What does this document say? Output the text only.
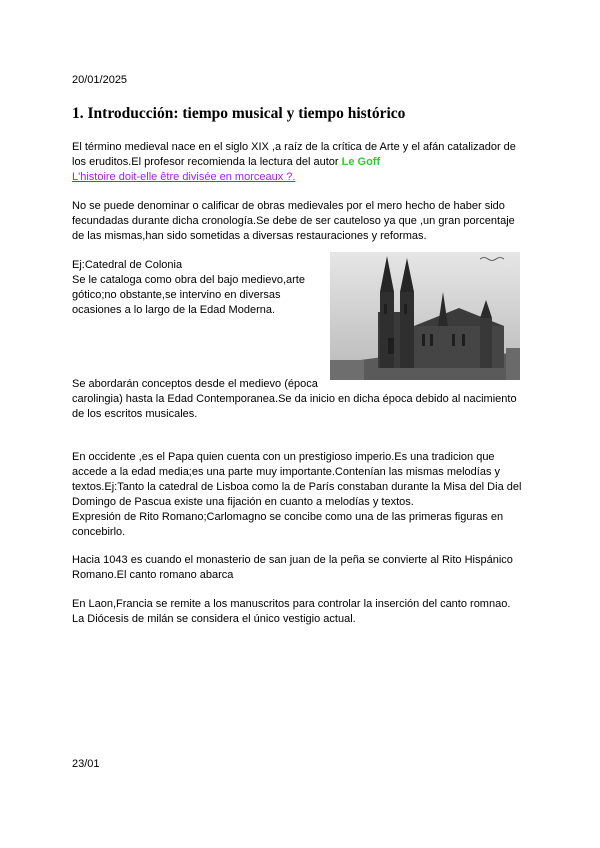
20/01/2025
1. Introducción: tiempo musical y tiempo histórico
El término medieval nace en el siglo XIX ,a raíz de la crítica de Arte y el afán catalizador de
los eruditos.El profesor recomienda la lectura del autor Le Goff
L'histoire doit-elle être divisée en morceaux ?.
No se puede denominar o calificar de obras medievales por el mero hecho de haber sido
fecundadas durante dicha cronología.Se debe de ser cauteloso ya que ,un gran porcentaje
de las mismas,han sido sometidas a diversas restauraciones y reformas.
Ej:Catedral de Colonia
Se le cataloga como obra del bajo medievo,arte
gótico;no obstante,se intervino en diversas
ocasiones a lo largo de la Edad Moderna.
Se abordarán conceptos desde el medievo (época
carolingia) hasta la Edad Contemporanea.Se da inicio en dicha época debido al nacimiento
de los escritos musicales.
En occidente ,es el Papa quien cuenta con un prestigioso imperio.Es una tradicion que
accede a la edad media;es una parte muy importante.Contenían las mismas melodías y
textos.Ej:Tanto la catedral de Lisboa como la de París constaban durante la Misa del Dia del
Domingo de Pascua existe una fijación en cuanto a melodías y textos.
Expresión de Rito Romano;Carlomagno se concibe como una de las primeras figuras en
concebirlo.
Hacia 1043 es cuando el monasterio de san juan de la peña se convierte al Rito Hispánico
Romano.El canto romano abarca
En Laon,Francia se remite a los manuscritos para controlar la inserción del canto romnao.
La Diócesis de milán se considera el único vestigio actual.
23/01
